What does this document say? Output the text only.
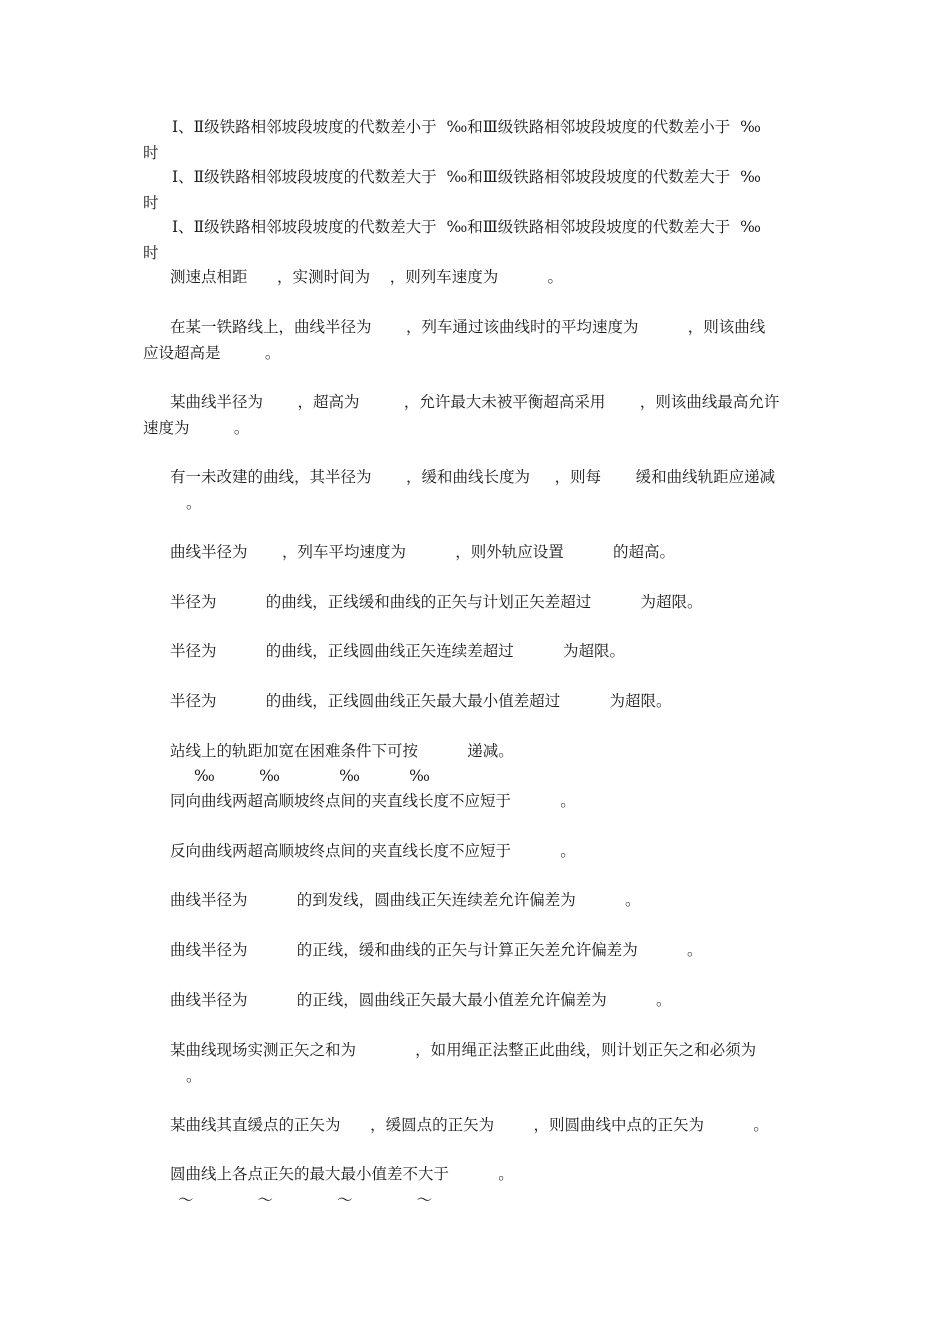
Ⅰ、Ⅱ级铁路相邻坡段坡度的代数差小于  ‰和Ⅲ级铁路相邻坡段坡度的代数差小于  ‰
时
Ⅰ、Ⅱ级铁路相邻坡段坡度的代数差大于  ‰和Ⅲ级铁路相邻坡段坡度的代数差大于  ‰
时
Ⅰ、Ⅱ级铁路相邻坡段坡度的代数差大于  ‰和Ⅲ级铁路相邻坡段坡度的代数差大于  ‰
时
测速点相距      ，实测时间为    ，则列车速度为          。
在某一铁路线上，曲线半径为       ，列车通过该曲线时的平均速度为          ，则该曲线
应设超高是         。
某曲线半径为       ，超高为         ，允许最大未被平衡超高采用       ，则该曲线最高允许
速度为         。
有一未改建的曲线，其半径为       ，缓和曲线长度为     ，则每       缓和曲线轨距应递减
。
曲线半径为       ，列车平均速度为          ，则外轨应设置          的超高。
半径为          的曲线，正线缓和曲线的正矢与计划正矢差超过          为超限。
半径为          的曲线，正线圆曲线正矢连续差超过          为超限。
半径为          的曲线，正线圆曲线正矢最大最小值差超过          为超限。
站线上的轨距加宽在困难条件下可按          递减。
‰         ‰            ‰          ‰
同向曲线两超高顺坡终点间的夹直线长度不应短于          。
反向曲线两超高顺坡终点间的夹直线长度不应短于          。
曲线半径为          的到发线，圆曲线正矢连续差允许偏差为          。
曲线半径为          的正线，缓和曲线的正矢与计算正矢差允许偏差为          。
曲线半径为          的正线，圆曲线正矢最大最小值差允许偏差为          。
某曲线现场实测正矢之和为            ，如用绳正法整正此曲线，则计划正矢之和必须为
。
某曲线其直缓点的正矢为      ，缓圆点的正矢为        ，则圆曲线中点的正矢为          。
圆曲线上各点正矢的最大最小值差不大于          。
～             ～             ～             ～
